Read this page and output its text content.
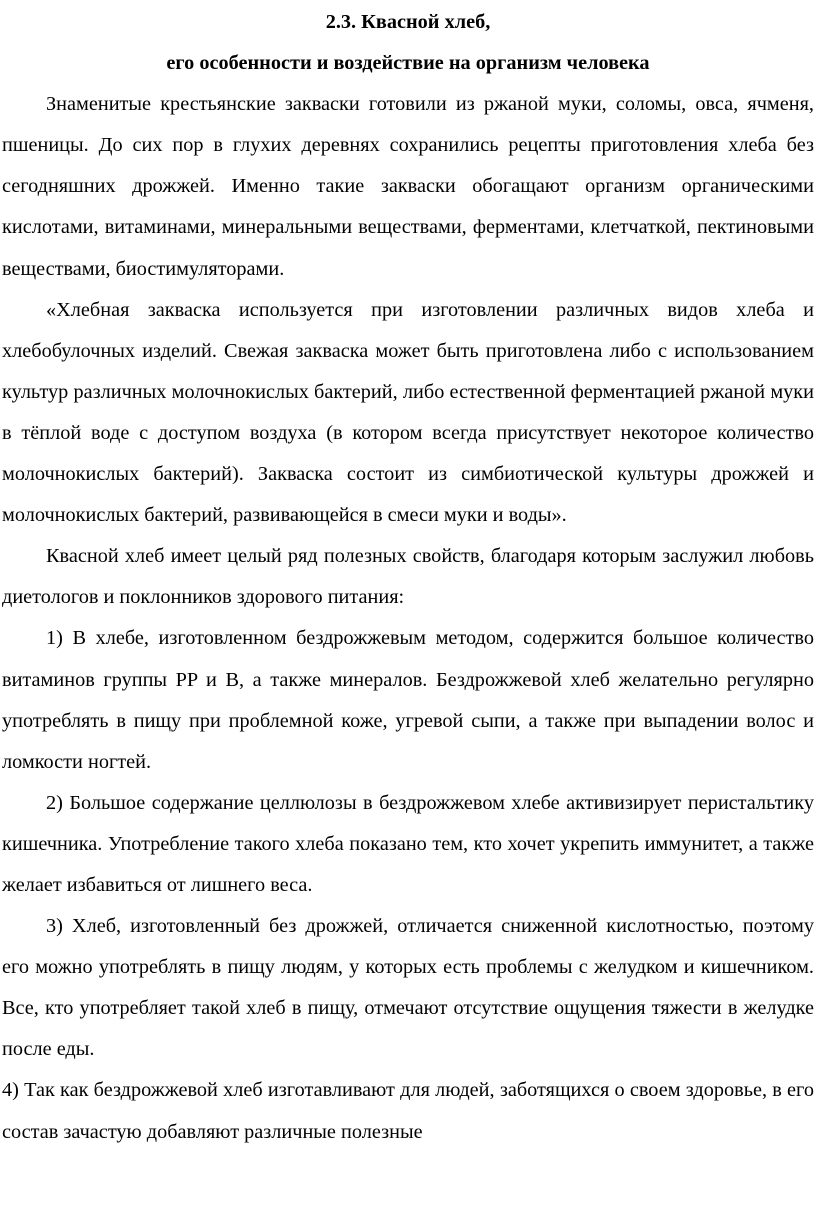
2.3. Квасной хлеб,

его особенности и воздействие на организм человека

Знаменитые крестьянские закваски готовили из ржаной муки, соломы, овса, ячменя, пшеницы. До сих пор в глухих деревнях сохранились рецепты приготовления хлеба без сегодняшних дрожжей. Именно такие закваски обогащают организм органическими кислотами, витаминами, минеральными веществами, ферментами, клетчаткой, пектиновыми веществами, биостимуляторами.

«Хлебная закваска используется при изготовлении различных видов хлеба и хлебобулочных изделий. Свежая закваска может быть приготовлена либо с использованием культур различных молочнокислых бактерий, либо естественной ферментацией ржаной муки в тёплой воде с доступом воздуха (в котором всегда присутствует некоторое количество молочнокислых бактерий). Закваска состоит из симбиотической культуры дрожжей и молочнокислых бактерий, развивающейся в смеси муки и воды».

Квасной хлеб имеет целый ряд полезных свойств, благодаря которым заслужил любовь диетологов и поклонников здорового питания:

1) В хлебе, изготовленном бездрожжевым методом, содержится большое количество витаминов группы PP и B, а также минералов. Бездрожжевой хлеб желательно регулярно употреблять в пищу при проблемной коже, угревой сыпи, а также при выпадении волос и ломкости ногтей.

2) Большое содержание целлюлозы в бездрожжевом хлебе активизирует перистальтику кишечника. Употребление такого хлеба показано тем, кто хочет укрепить иммунитет, а также желает избавиться от лишнего веса.

3) Хлеб, изготовленный без дрожжей, отличается сниженной кислотностью, поэтому его можно употреблять в пищу людям, у которых есть проблемы с желудком и кишечником. Все, кто употребляет такой хлеб в пищу, отмечают отсутствие ощущения тяжести в желудке после еды.

4) Так как бездрожжевой хлеб изготавливают для людей, заботящихся о своем здоровье, в его состав зачастую добавляют различные полезные
